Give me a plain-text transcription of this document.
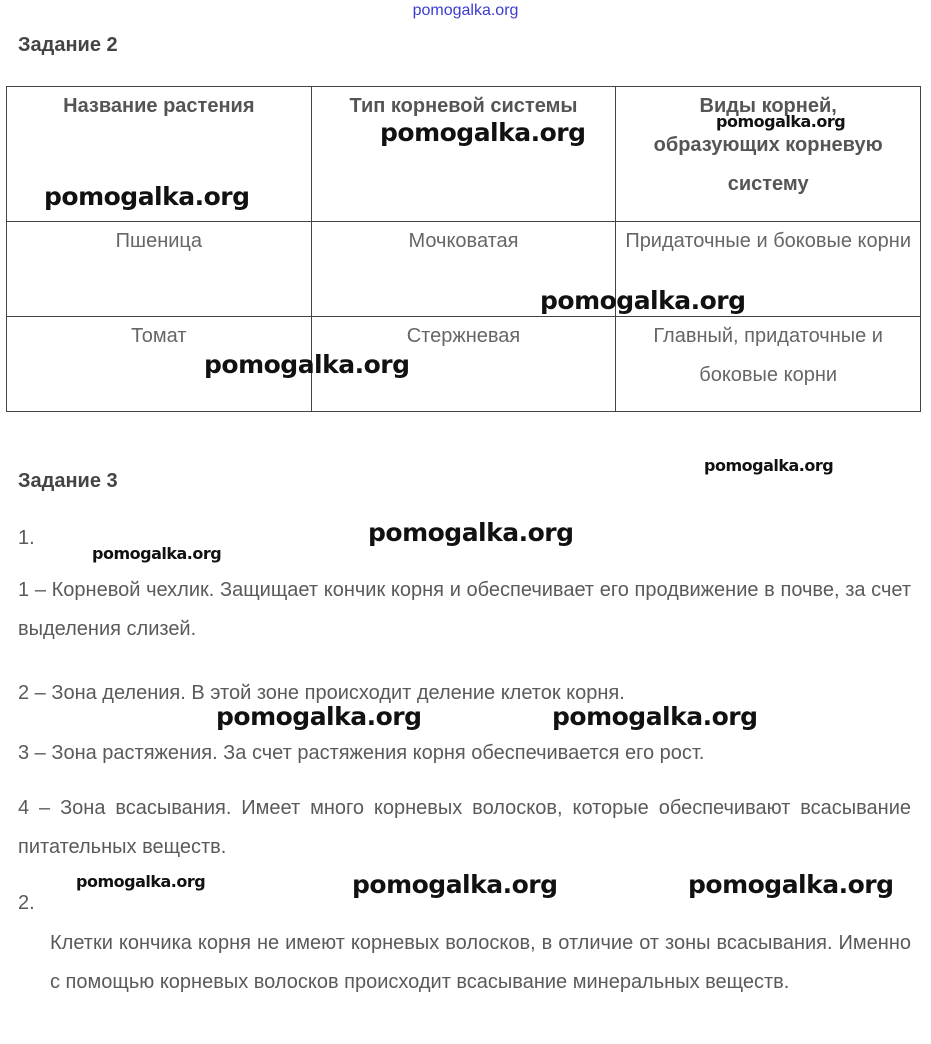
pomogalka.org
Задание 2
Название растения	Тип корневой системы	Виды корней, образующих корневую систему
Пшеница	Мочковатая	Придаточные и боковые корни
Томат	Стержневая	Главный, придаточные и боковые корни
Задание 3
1.
1 – Корневой чехлик. Защищает кончик корня и обеспечивает его продвижение в почве, за счет выделения слизей.
2 – Зона деления. В этой зоне происходит деление клеток корня.
3 – Зона растяжения. За счет растяжения корня обеспечивается его рост.
4 – Зона всасывания. Имеет много корневых волосков, которые обеспечивают всасывание питательных веществ.
2.
Клетки кончика корня не имеют корневых волосков, в отличие от зоны всасывания. Именно с помощью корневых волосков происходит всасывание минеральных веществ.
pomogalka.org	pomogalka.org
pomogalka.org
pomogalka.org
pomogalka.org
pomogalka.org
pomogalka.org
pomogalka.org
pomogalka.org	pomogalka.org
pomogalka.org	pomogalka.org	pomogalka.org
